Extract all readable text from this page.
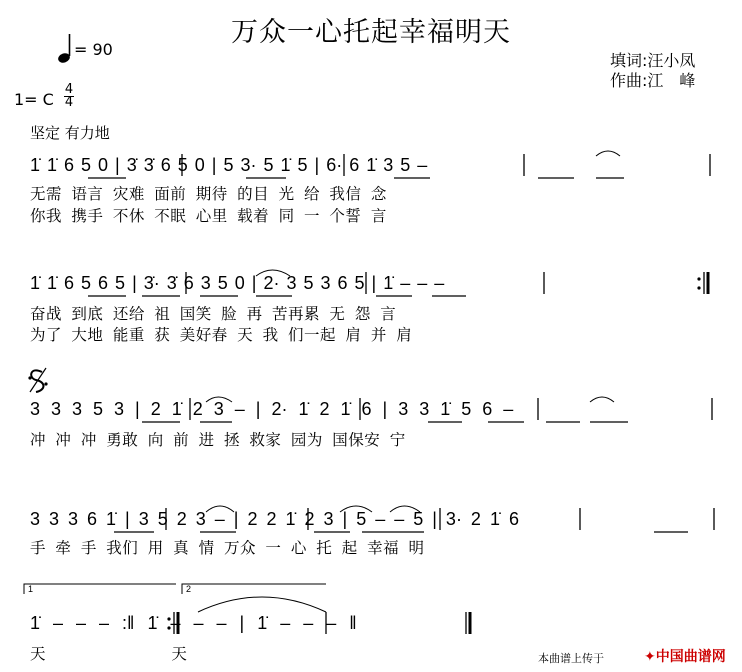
万众一心托起幸福明天
= 90
填词:汪小凤
作曲:江　峰
1= C
4
4
坚定 有力地
1̇ 1̇ 6 5 0 | 3̇ 3̇ 6 5 0 | 5 3· 5 1̇ 5 | 6· 6 1̇ 3 5 –
无需 语言 灾难 面前 期待 的目 光 给 我信 念
你我 携手 不休 不眠 心里 载着 同 一 个誓 言
1̇ 1̇ 6 5 6 5 | 3̇· 3̇ 6 3 5 0 | 2· 3 5 3 6 5 | 1̇ – – –
奋战 到底 还给 祖 国笑 脸 再 苦再累 无 怨 言
为了 大地 能重 获 美好春 天 我 们一起 肩 并 肩
3 3 3 5 3 | 2 1̇ 2 3 – | 2· 1̇ 2 1̇ 6 | 3 3 1̇ 5 6 –
冲 冲 冲 勇敢 向 前 进 拯 救家 园为 国保安 宁
3 3 3 6 1̇ | 3 5 2 3 – | 2 2 1̇ 2 3 | 5 – – 5 | 3· 2 1̇ 6
手 牵 手 我们 用 真 情 万众 一 心 托 起 幸福 明
1	2
1̇ – – – :‖ 1̇ – – – | 1̇ – – – ‖
天 天	本曲谱上传于	✦中国曲谱网
